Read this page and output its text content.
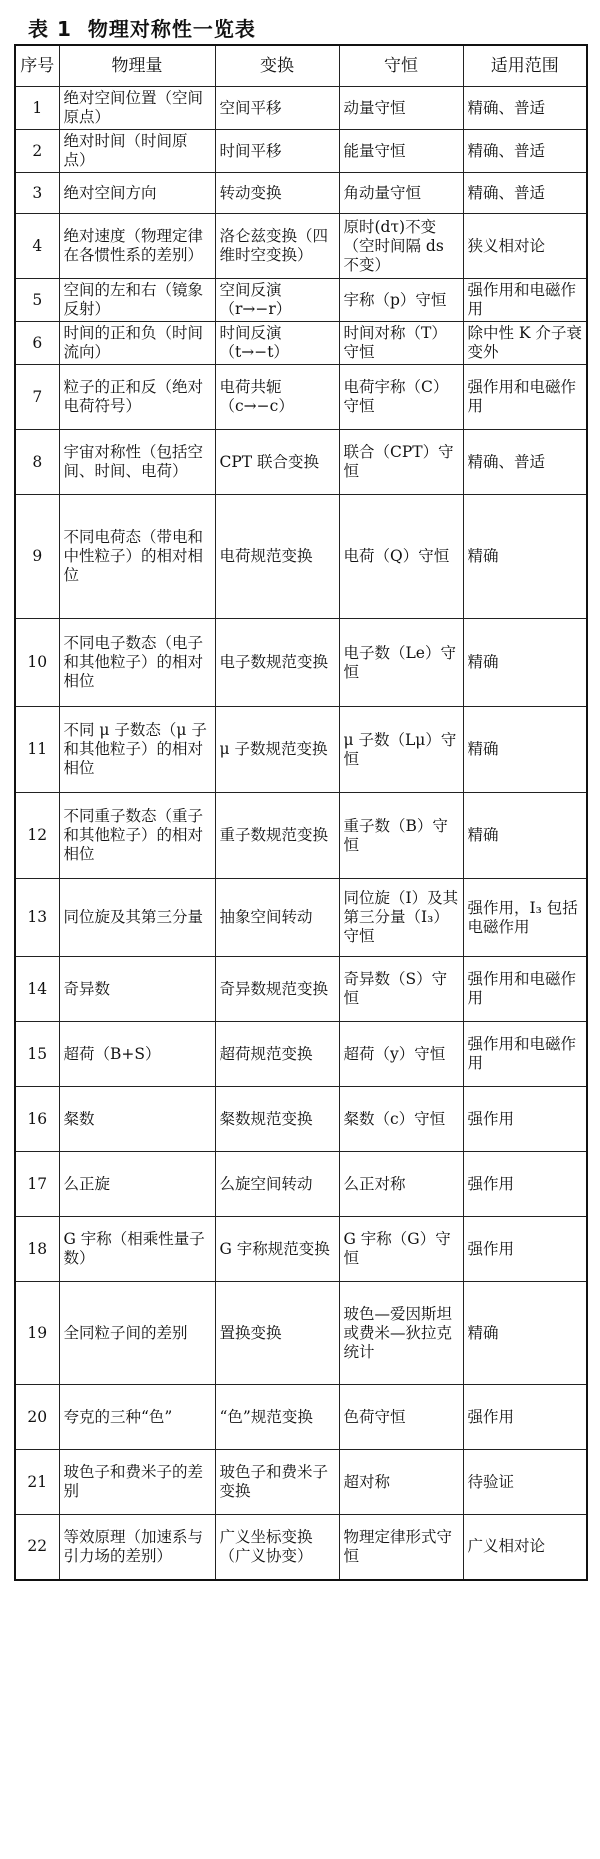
表 1 物理对称性一览表
序号	物理量	变换	守恒	适用范围
1	绝对空间位置（空间原点）	空间平移	动量守恒	精确、普适
2	绝对时间（时间原点）	时间平移	能量守恒	精确、普适
3	绝对空间方向	转动变换	角动量守恒	精确、普适
4	绝对速度（物理定律在各惯性系的差别）	洛仑兹变换（四维时空变换）	原时(dτ)不变（空时间隔 ds 不变）	狭义相对论
5	空间的左和右（镜象反射）	空间反演（r→−r）	宇称（p）守恒	强作用和电磁作用
6	时间的正和负（时间流向）	时间反演（t→−t）	时间对称（T）守恒	除中性 K 介子衰变外
7	粒子的正和反（绝对电荷符号）	电荷共轭（c→−c）	电荷宇称（C）守恒	强作用和电磁作用
8	宇宙对称性（包括空间、时间、电荷）	CPT 联合变换	联合（CPT）守恒	精确、普适
9	不同电荷态（带电和中性粒子）的相对相位	电荷规范变换	电荷（Q）守恒	精确
10	不同电子数态（电子和其他粒子）的相对相位	电子数规范变换	电子数（Le）守恒	精确
11	不同 μ 子数态（μ 子和其他粒子）的相对相位	μ 子数规范变换	μ 子数（Lμ）守恒	精确
12	不同重子数态（重子和其他粒子）的相对相位	重子数规范变换	重子数（B）守恒	精确
13	同位旋及其第三分量	抽象空间转动	同位旋（I）及其第三分量（I₃）守恒	强作用，I₃ 包括电磁作用
14	奇异数	奇异数规范变换	奇异数（S）守恒	强作用和电磁作用
15	超荷（B+S）	超荷规范变换	超荷（y）守恒	强作用和电磁作用
16	粲数	粲数规范变换	粲数（c）守恒	强作用
17	么正旋	么旋空间转动	么正对称	强作用
18	G 宇称（相乘性量子数）	G 宇称规范变换	G 宇称（G）守恒	强作用
19	全同粒子间的差别	置换变换	玻色—爱因斯坦或费米—狄拉克统计	精确
20	夸克的三种“色”	“色”规范变换	色荷守恒	强作用
21	玻色子和费米子的差别	玻色子和费米子变换	超对称	待验证
22	等效原理（加速系与引力场的差别）	广义坐标变换（广义协变）	物理定律形式守恒	广义相对论
